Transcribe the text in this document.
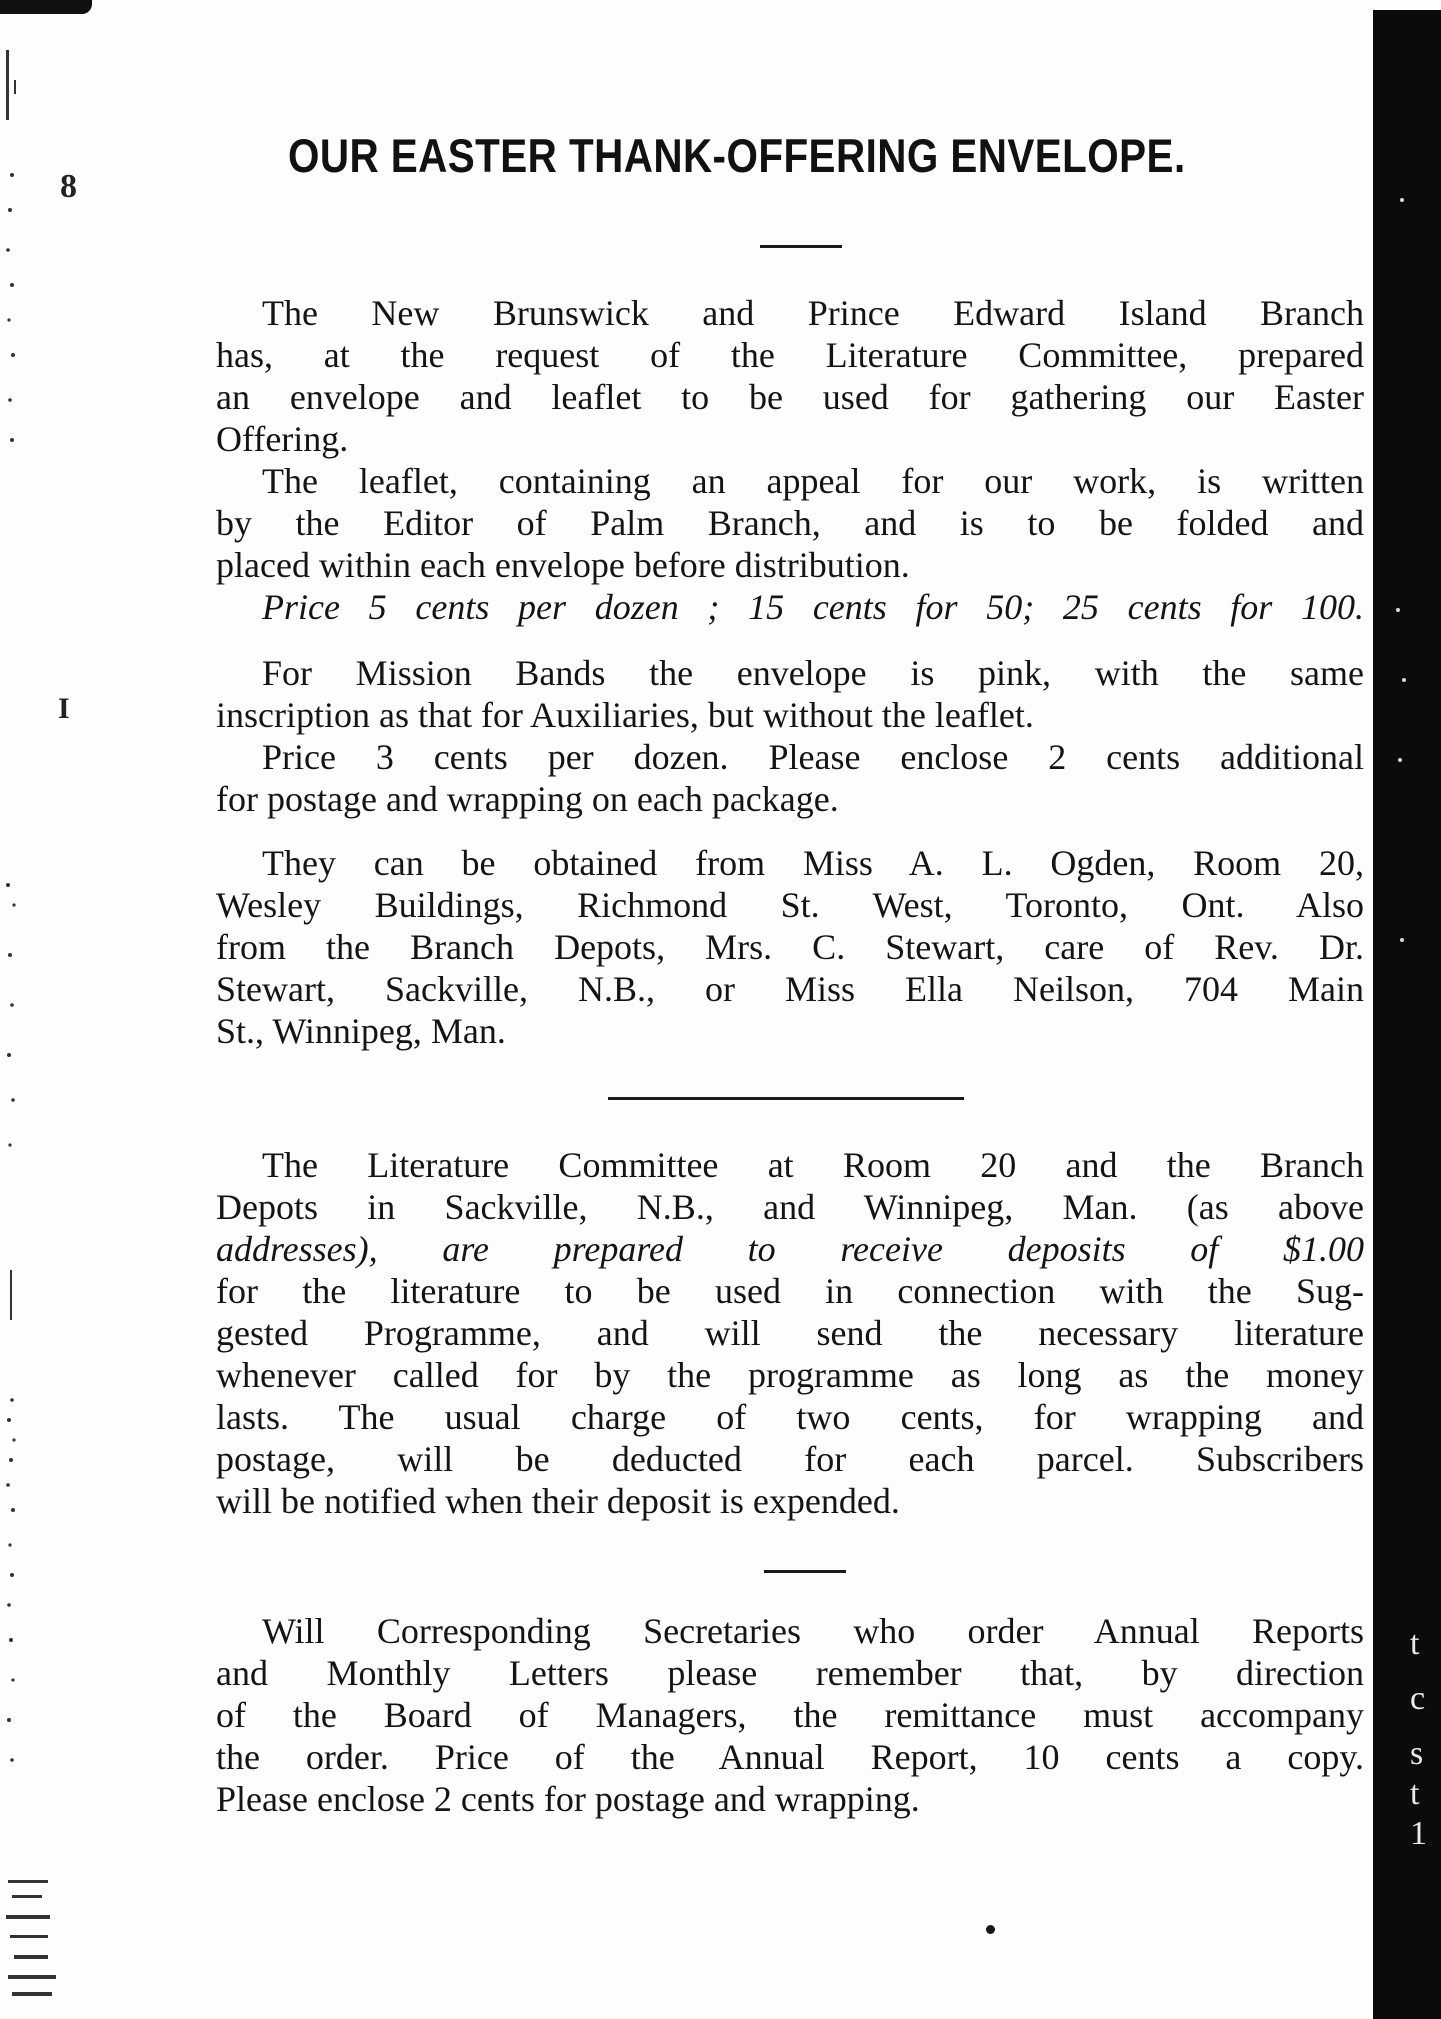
8
I
t
c
s
t
1
OUR EASTER THANK-OFFERING ENVELOPE.

The New Brunswick and Prince Edward Island Branch
has, at the request of the Literature Committee, prepared
an envelope and leaflet to be used for gathering our Easter
Offering.

The leaflet, containing an appeal for our work, is written
by the Editor of Palm Branch, and is to be folded and
placed within each envelope before distribution.
Price 5 cents per dozen ; 15 cents for 50; 25 cents for 100.

For Mission Bands the envelope is pink, with the same
inscription as that for Auxiliaries, but without the leaflet.
Price 3 cents per dozen. Please enclose 2 cents additional
for postage and wrapping on each package.

They can be obtained from Miss A. L. Ogden, Room 20,
Wesley Buildings, Richmond St. West, Toronto, Ont. Also
from the Branch Depots, Mrs. C. Stewart, care of Rev. Dr.
Stewart, Sackville, N.B., or Miss Ella Neilson, 704 Main
St., Winnipeg, Man.

The Literature Committee at Room 20 and the Branch
Depots in Sackville, N.B., and Winnipeg, Man. (as above
addresses), are prepared to receive deposits of $1.00
for the literature to be used in connection with the Sug-
gested Programme, and will send the necessary literature
whenever called for by the programme as long as the money
lasts. The usual charge of two cents, for wrapping and
postage, will be deducted for each parcel. Subscribers
will be notified when their deposit is expended.

Will Corresponding Secretaries who order Annual Reports
and Monthly Letters please remember that, by direction
of the Board of Managers, the remittance must accompany
the order. Price of the Annual Report, 10 cents a copy.
Please enclose 2 cents for postage and wrapping.
